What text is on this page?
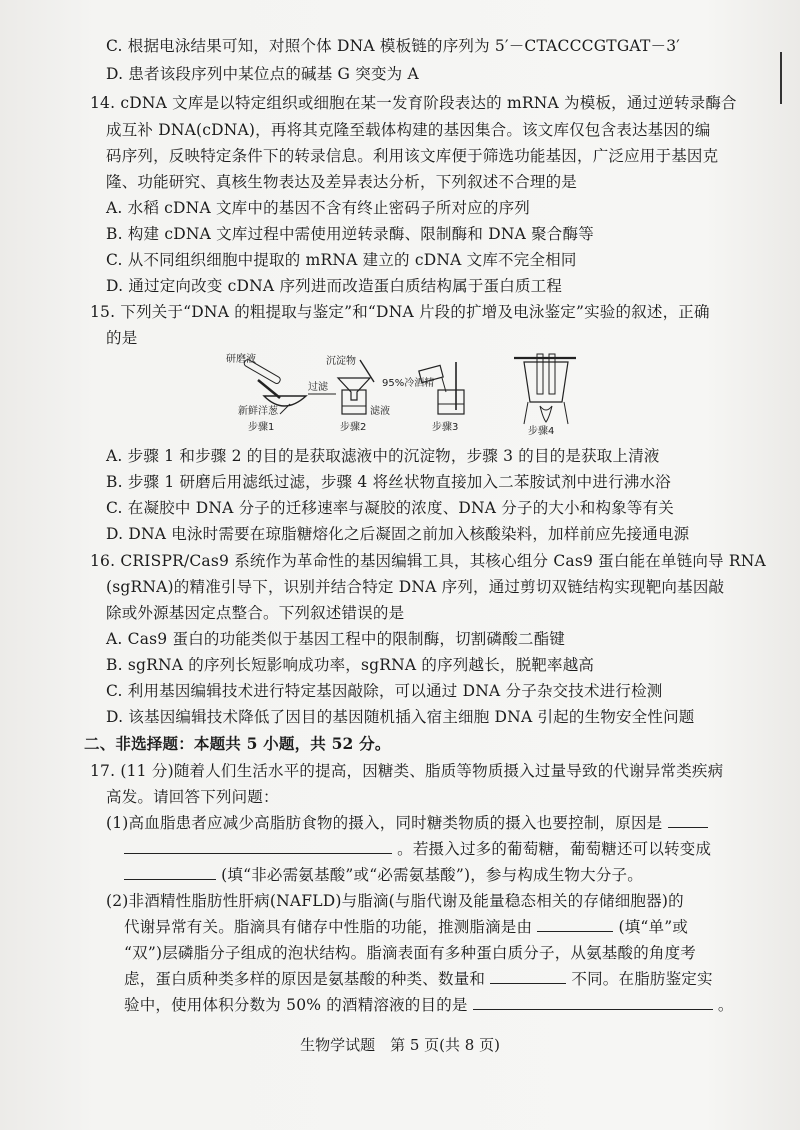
C. 根据电泳结果可知，对照个体 DNA 模板链的序列为 5′－CTACCCGTGAT－3′
D. 患者该段序列中某位点的碱基 G 突变为 A
14. cDNA 文库是以特定组织或细胞在某一发育阶段表达的 mRNA 为模板，通过逆转录酶合
成互补 DNA(cDNA)，再将其克隆至载体构建的基因集合。该文库仅包含表达基因的编
码序列，反映特定条件下的转录信息。利用该文库便于筛选功能基因，广泛应用于基因克
隆、功能研究、真核生物表达及差异表达分析，下列叙述不合理的是
A. 水稻 cDNA 文库中的基因不含有终止密码子所对应的序列
B. 构建 cDNA 文库过程中需使用逆转录酶、限制酶和 DNA 聚合酶等
C. 从不同组织细胞中提取的 mRNA 建立的 cDNA 文库不完全相同
D. 通过定向改变 cDNA 序列进而改造蛋白质结构属于蛋白质工程
15. 下列关于“DNA 的粗提取与鉴定”和“DNA 片段的扩增及电泳鉴定”实验的叙述，正确
的是
研磨液
新鲜洋葱
步骤1
过滤
沉淀物
滤液
步骤2
95%冷酒精
步骤3	步骤4
A. 步骤 1 和步骤 2 的目的是获取滤液中的沉淀物，步骤 3 的目的是获取上清液
B. 步骤 1 研磨后用滤纸过滤，步骤 4 将丝状物直接加入二苯胺试剂中进行沸水浴
C. 在凝胶中 DNA 分子的迁移速率与凝胶的浓度、DNA 分子的大小和构象等有关
D. DNA 电泳时需要在琼脂糖熔化之后凝固之前加入核酸染料，加样前应先接通电源
16. CRISPR/Cas9 系统作为革命性的基因编辑工具，其核心组分 Cas9 蛋白能在单链向导 RNA
(sgRNA)的精准引导下，识别并结合特定 DNA 序列，通过剪切双链结构实现靶向基因敲
除或外源基因定点整合。下列叙述错误的是
A. Cas9 蛋白的功能类似于基因工程中的限制酶，切割磷酸二酯键
B. sgRNA 的序列长短影响成功率，sgRNA 的序列越长，脱靶率越高
C. 利用基因编辑技术进行特定基因敲除，可以通过 DNA 分子杂交技术进行检测
D. 该基因编辑技术降低了因目的基因随机插入宿主细胞 DNA 引起的生物安全性问题
二、非选择题：本题共 5 小题，共 52 分。
17. (11 分)随着人们生活水平的提高，因糖类、脂质等物质摄入过量导致的代谢异常类疾病
高发。请回答下列问题：
(1)高血脂患者应减少高脂肪食物的摄入，同时糖类物质的摄入也要控制，原因是
。若摄入过多的葡萄糖，葡萄糖还可以转变成
(填“非必需氨基酸”或“必需氨基酸”)，参与构成生物大分子。
(2)非酒精性脂肪性肝病(NAFLD)与脂滴(与脂代谢及能量稳态相关的存储细胞器)的
代谢异常有关。脂滴具有储存中性脂的功能，推测脂滴是由	(填“单”或
“双”)层磷脂分子组成的泡状结构。脂滴表面有多种蛋白质分子，从氨基酸的角度考
虑，蛋白质种类多样的原因是氨基酸的种类、数量和	不同。在脂肪鉴定实
验中，使用体积分数为 50% 的酒精溶液的目的是	。
生物学试题　第 5 页(共 8 页)
